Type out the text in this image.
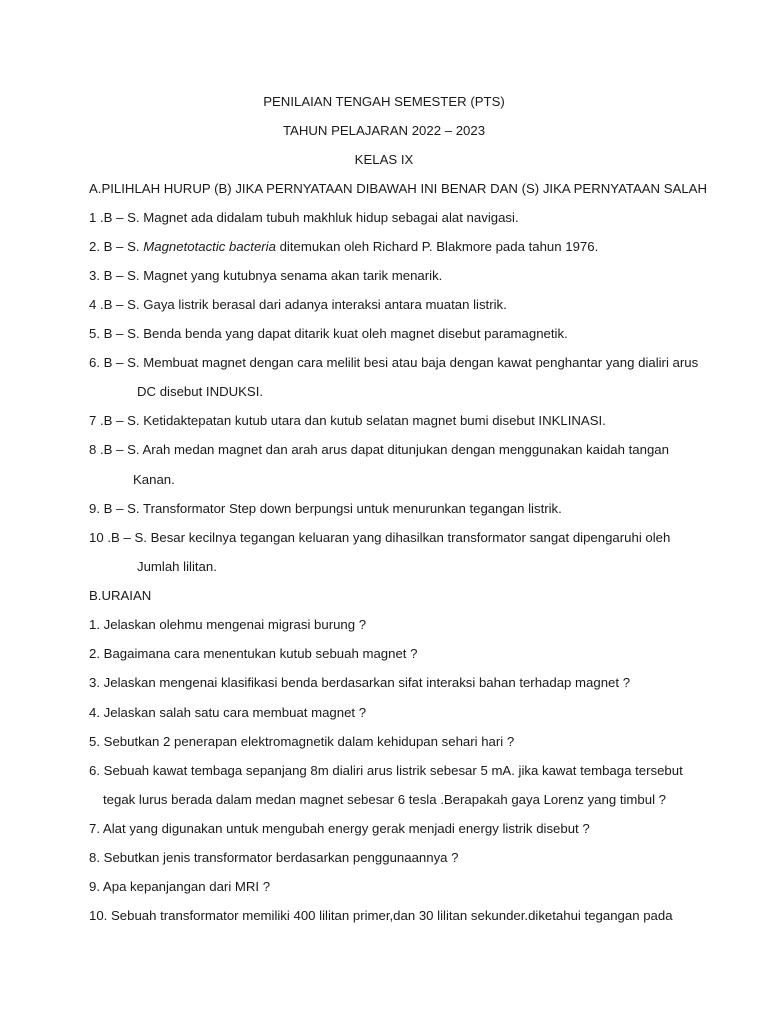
PENILAIAN TENGAH SEMESTER (PTS)
TAHUN PELAJARAN 2022 – 2023
KELAS IX
A.PILIHLAH HURUP (B) JIKA PERNYATAAN DIBAWAH INI BENAR DAN (S) JIKA PERNYATAAN SALAH
1 .B – S. Magnet ada didalam tubuh makhluk hidup sebagai alat navigasi.
2. B – S. Magnetotactic bacteria ditemukan oleh Richard P. Blakmore pada tahun 1976.
3. B – S. Magnet yang kutubnya senama akan tarik menarik.
4 .B – S. Gaya listrik berasal dari adanya interaksi antara muatan listrik.
5. B – S. Benda benda yang dapat ditarik kuat oleh magnet disebut paramagnetik.
6. B – S. Membuat magnet dengan cara melilit besi atau baja dengan kawat penghantar yang dialiri arus
DC disebut INDUKSI.
7 .B – S. Ketidaktepatan kutub utara dan kutub selatan magnet bumi disebut INKLINASI.
8 .B – S. Arah medan magnet dan arah arus dapat ditunjukan dengan menggunakan kaidah tangan
Kanan.
9. B – S. Transformator Step down berpungsi untuk menurunkan tegangan listrik.
10 .B – S. Besar kecilnya tegangan keluaran yang dihasilkan transformator sangat dipengaruhi oleh
Jumlah lilitan.
B.URAIAN
1. Jelaskan olehmu mengenai migrasi burung ?
2. Bagaimana cara menentukan kutub sebuah magnet ?
3. Jelaskan mengenai klasifikasi benda berdasarkan sifat interaksi bahan terhadap magnet ?
4. Jelaskan salah satu cara membuat magnet ?
5. Sebutkan 2 penerapan elektromagnetik dalam kehidupan sehari hari ?
6. Sebuah kawat tembaga sepanjang 8m dialiri arus listrik sebesar 5 mA. jika kawat tembaga tersebut
tegak lurus berada dalam medan magnet sebesar 6 tesla .Berapakah gaya Lorenz yang timbul ?
7. Alat yang digunakan untuk mengubah energy gerak menjadi energy listrik disebut ?
8. Sebutkan jenis transformator berdasarkan penggunaannya ?
9. Apa kepanjangan dari MRI ?
10. Sebuah transformator memiliki 400 lilitan primer,dan 30 lilitan sekunder.diketahui tegangan pada
